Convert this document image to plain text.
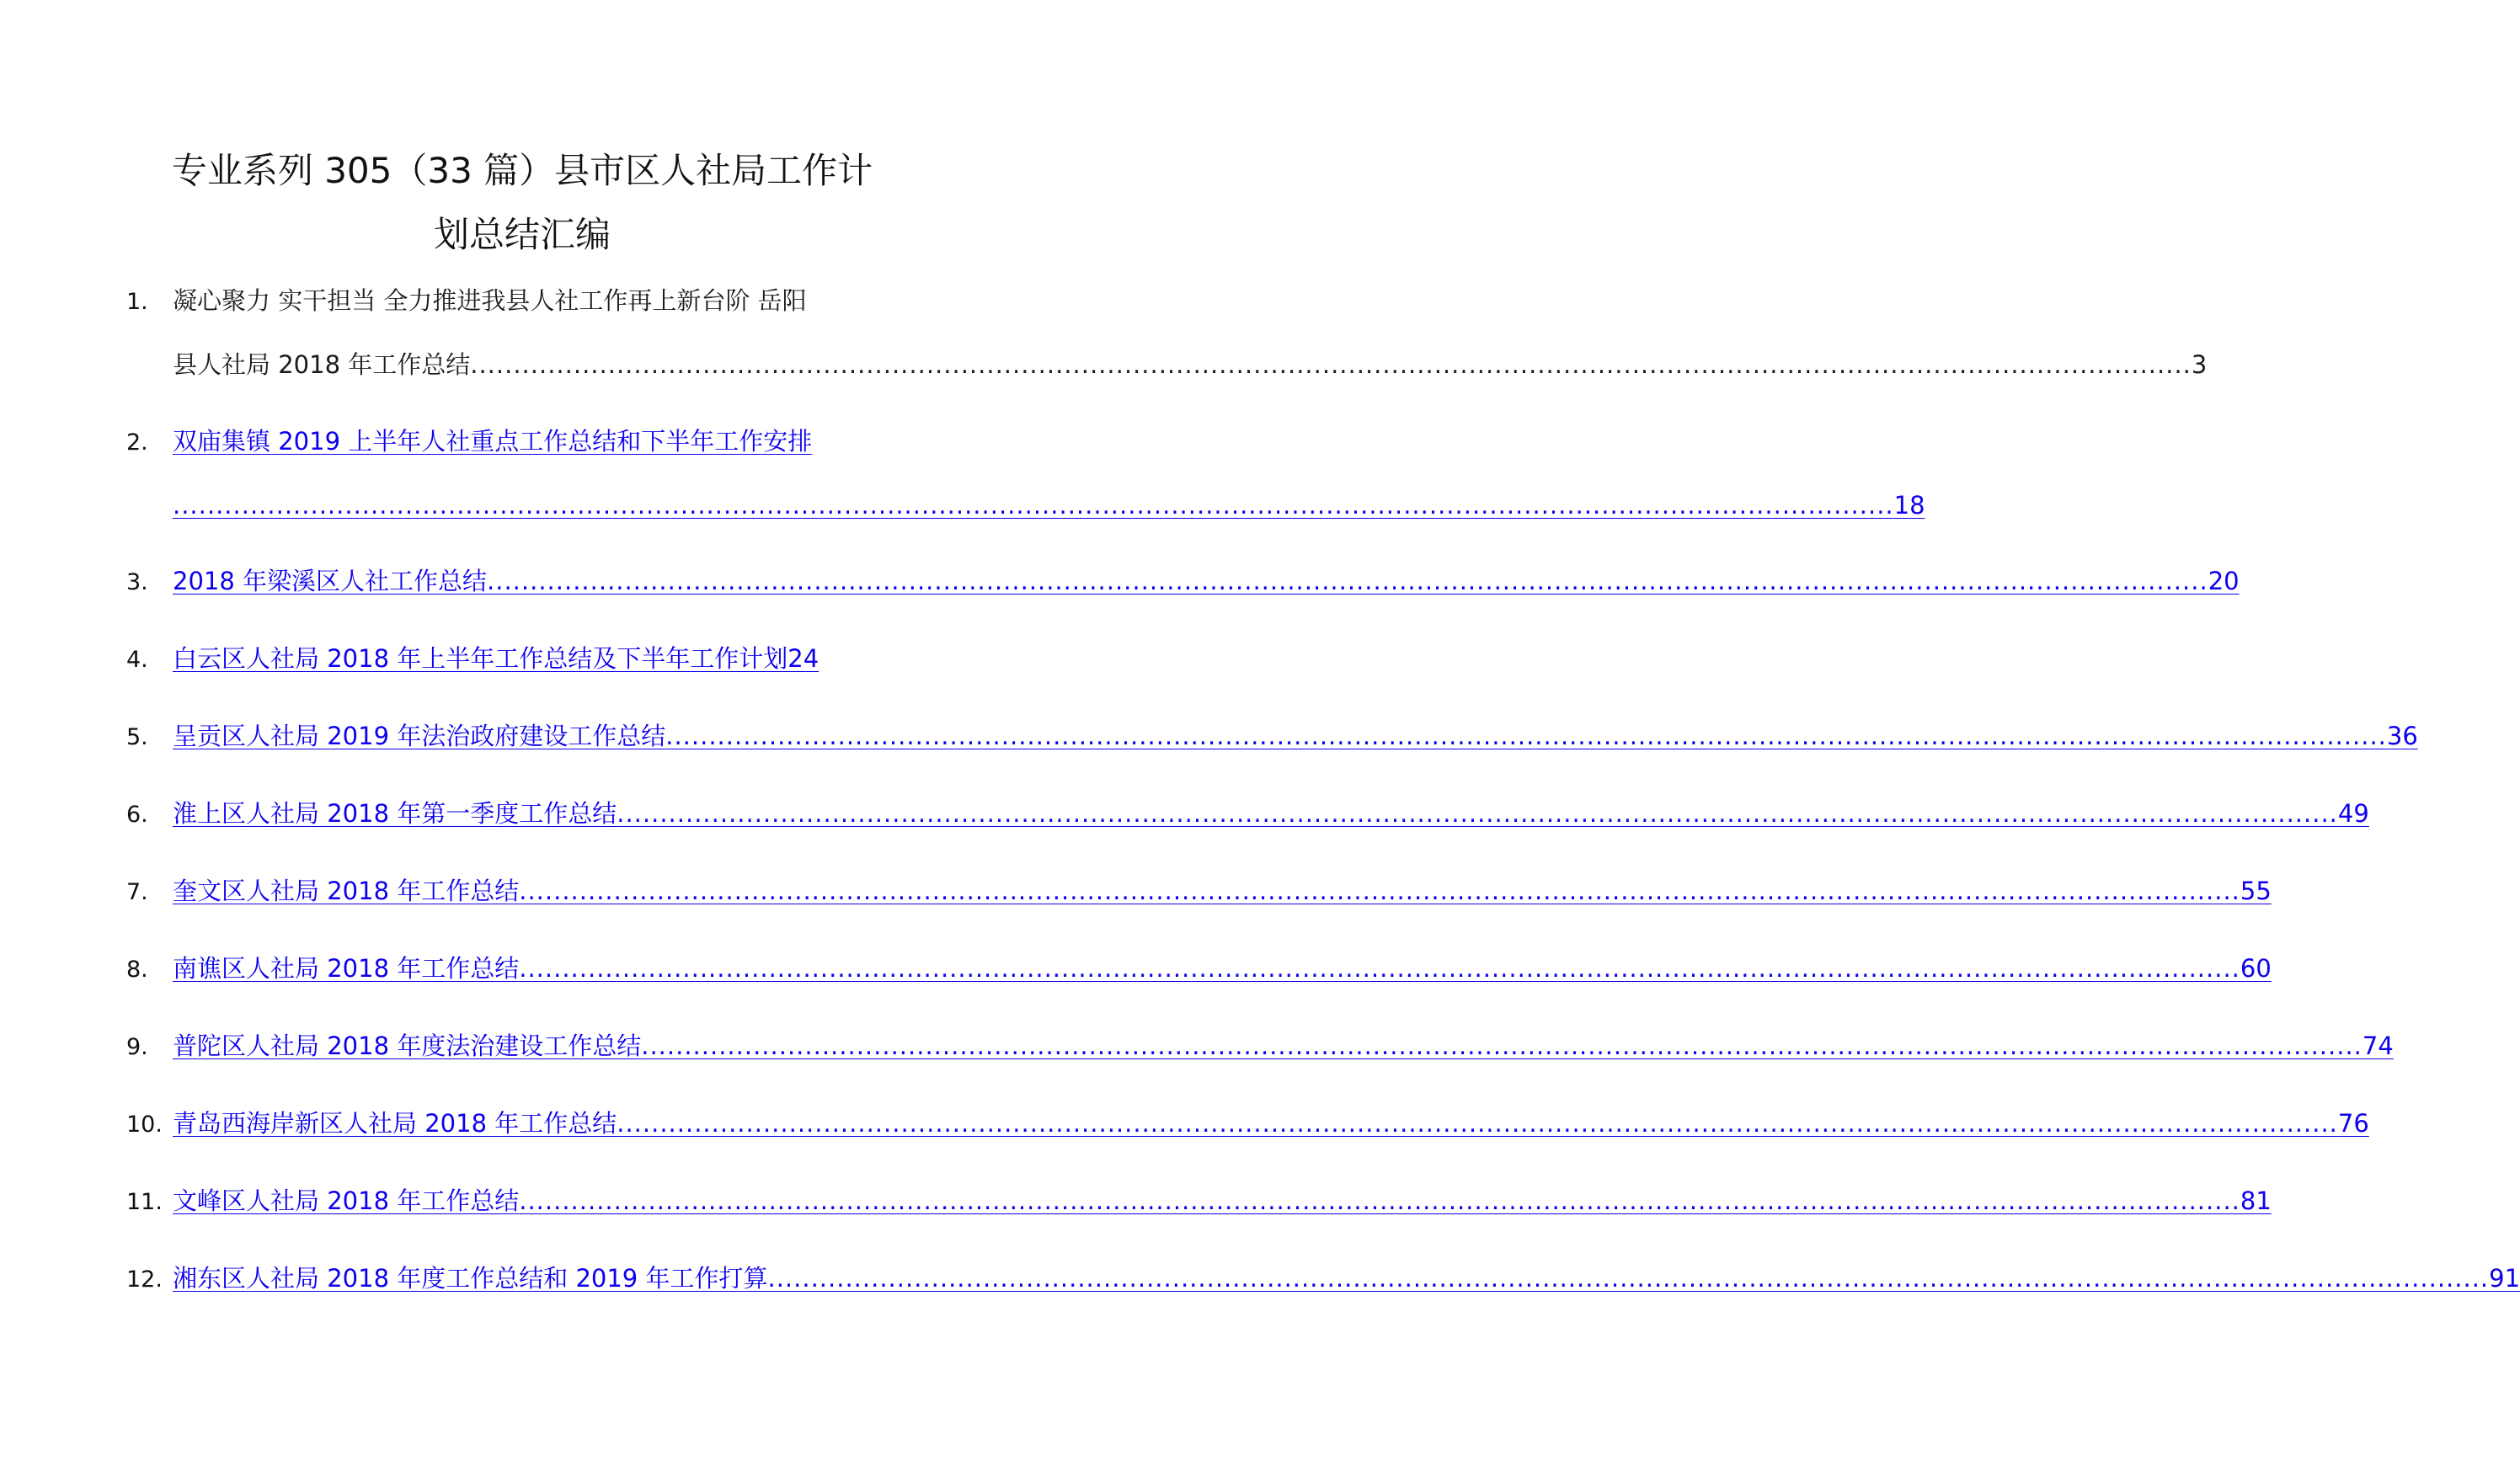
专业系列 305（33 篇）县市区人社局工作计
划总结汇编
1.	凝心聚力 实干担当 全力推进我县人社工作再上新台阶 岳阳
县人社局 2018 年工作总结 ........................................................................................................................................................................................................ 3
2.	双庙集镇 2019 上半年人社重点工作总结和下半年工作安排
........................................................................................................................................................................................................ 18
3.	2018 年梁溪区人社工作总结 ........................................................................................................................................................................................................ 20
4.	白云区人社局 2018 年上半年工作总结及下半年工作计划 24
5.	呈贡区人社局 2019 年法治政府建设工作总结 ........................................................................................................................................................................................................ 36
6.	淮上区人社局 2018 年第一季度工作总结 ........................................................................................................................................................................................................ 49
7.	奎文区人社局 2018 年工作总结 ........................................................................................................................................................................................................ 55
8.	南谯区人社局 2018 年工作总结 ........................................................................................................................................................................................................ 60
9.	普陀区人社局 2018 年度法治建设工作总结 ........................................................................................................................................................................................................ 74
10. 青岛西海岸新区人社局 2018 年工作总结 ........................................................................................................................................................................................................ 76
11. 文峰区人社局 2018 年工作总结 ........................................................................................................................................................................................................ 81
12. 湘东区人社局 2018 年度工作总结和 2019 年工作打算 ........................................................................................................................................................................................................ 91
